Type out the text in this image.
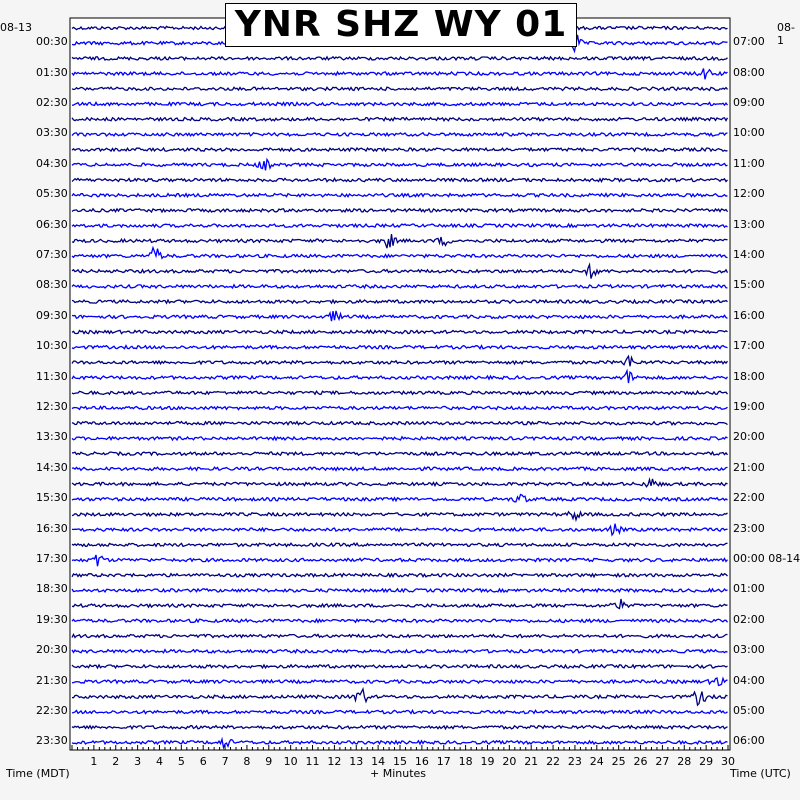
YNR SHZ WY 01
08-13	08-1
00:30
01:30
02:30
03:30
04:30
05:30
06:30
07:30
08:30
09:30
10:30
11:30
12:30
13:30
14:30
15:30
16:30
17:30
18:30
19:30
20:30
21:30
22:30
23:30
07:00
08:00
09:00
10:00
11:00
12:00
13:00
14:00
15:00
16:00
17:00
18:00
19:00
20:00
21:00
22:00
23:00
00:00 08-14
01:00
02:00
03:00
04:00
05:00
06:00
1	2	3	4	5	6	7	8	9	10 11 12 13 14 15 16 17 18 19 20 21 22 23 24 25 26 27 28 29 30
Time (MDT)	+ Minutes	Time (UTC)
